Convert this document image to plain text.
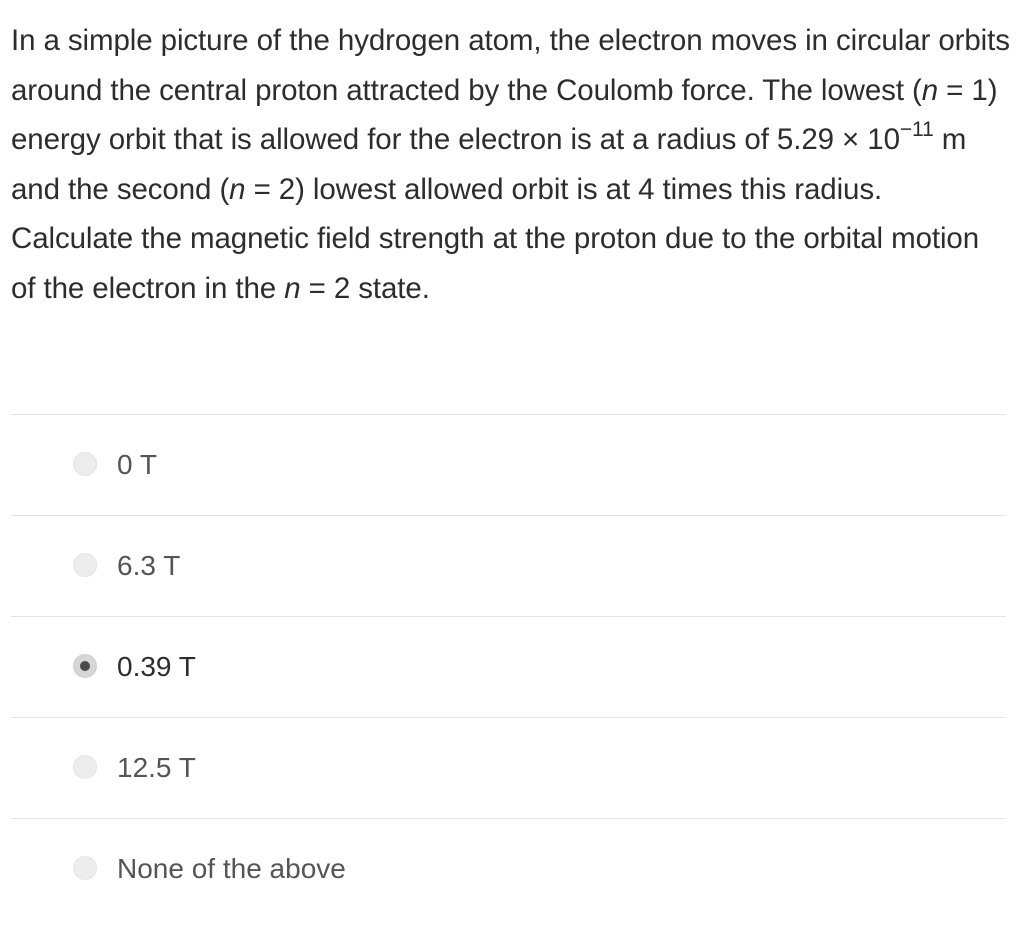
In a simple picture of the hydrogen atom, the electron moves in circular orbits around the central proton attracted by the Coulomb force. The lowest (n = 1) energy orbit that is allowed for the electron is at a radius of $5.29 \times 10^{-11}$ m and the second (n = 2) lowest allowed orbit is at 4 times this radius. Calculate the magnetic field strength at the proton due to the orbital motion of the electron in the n = 2 state.
0 T
6.3 T
0.39 T
12.5 T
None of the above
